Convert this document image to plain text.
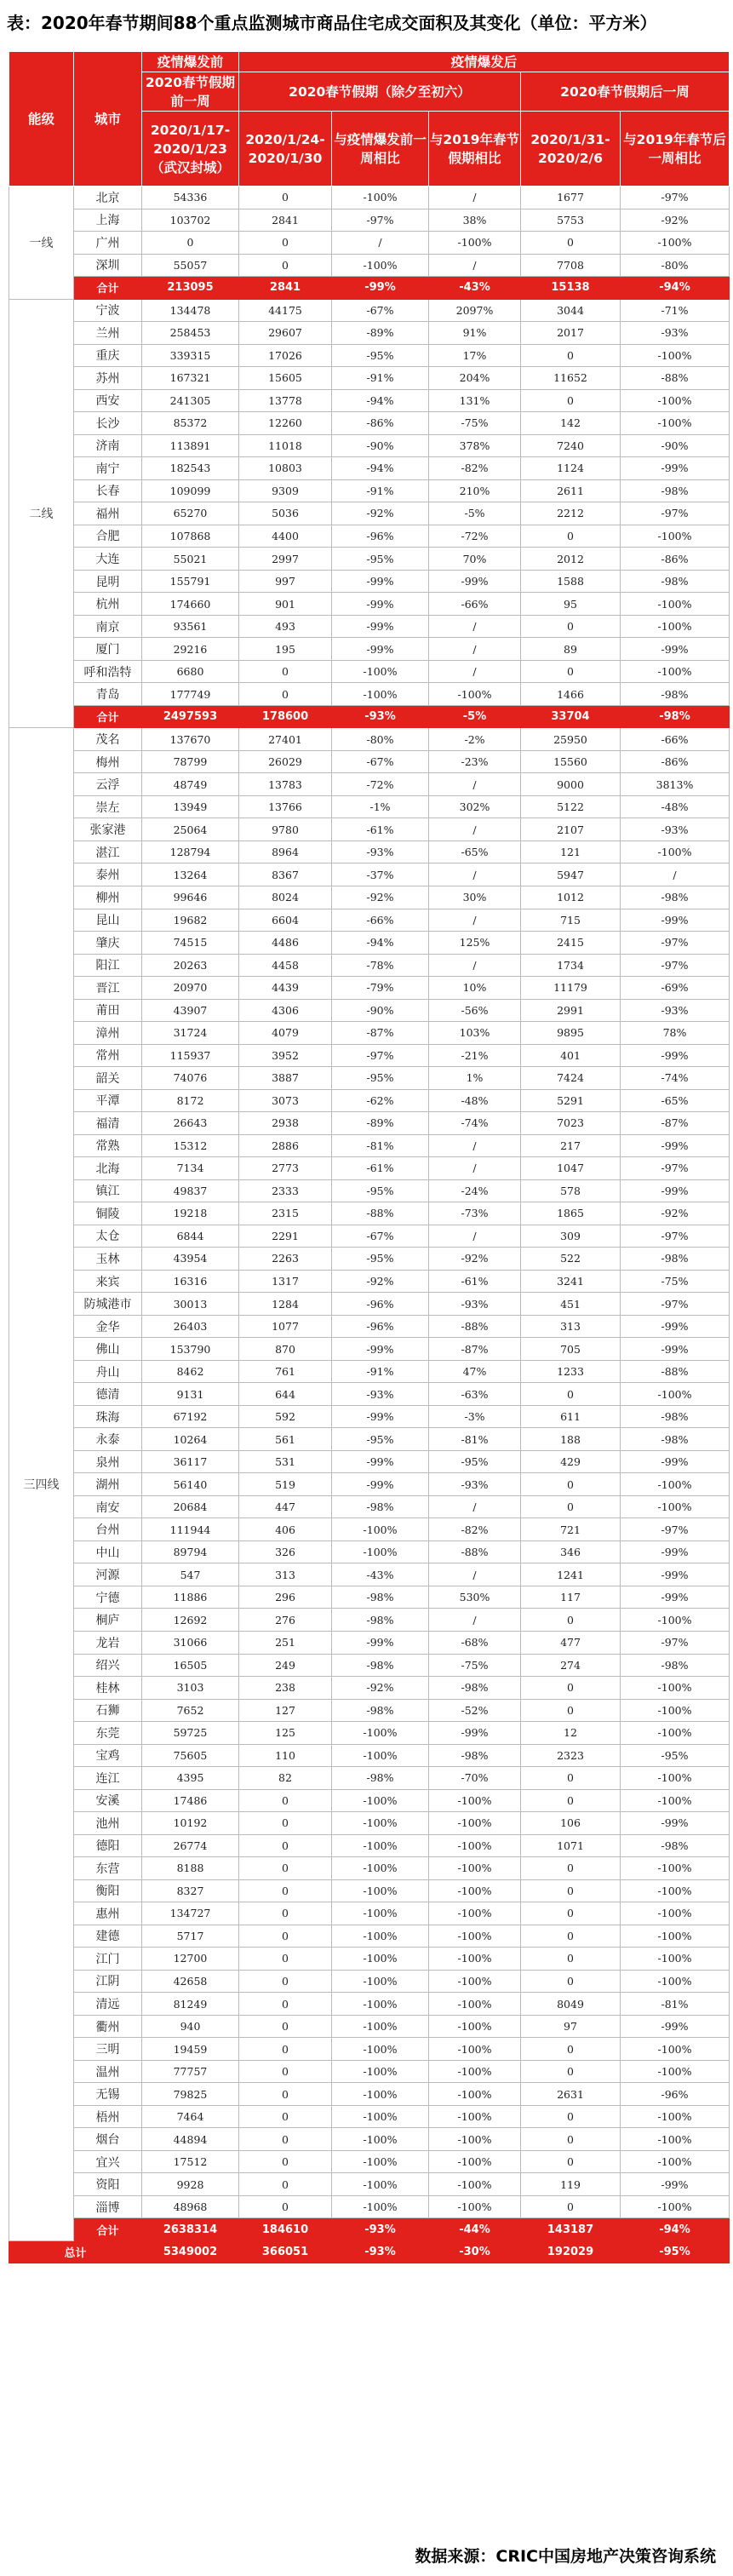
表：2020年春节期间88个重点监测城市商品住宅成交面积及其变化（单位：平方米）
能级	城市	疫情爆发前	疫情爆发后				
		2020春节假期前一周	2020春节假期（除夕至初六）			2020春节假期后一周	
		2020/1/17-2020/1/23（武汉封城）	2020/1/24-2020/1/30	与疫情爆发前一周相比	与2019年春节假期相比	2020/1/31-2020/2/6	与2019年春节后一周相比
一线	北京	54336	0	-100%	/	1677	-97%
	上海	103702	2841	-97%	38%	5753	-92%
	广州	0	0	/	-100%	0	-100%
	深圳	55057	0	-100%	/	7708	-80%
	合计	213095	2841	-99%	-43%	15138	-94%
二线	宁波	134478	44175	-67%	2097%	3044	-71%
	兰州	258453	29607	-89%	91%	2017	-93%
	重庆	339315	17026	-95%	17%	0	-100%
	苏州	167321	15605	-91%	204%	11652	-88%
	西安	241305	13778	-94%	131%	0	-100%
	长沙	85372	12260	-86%	-75%	142	-100%
	济南	113891	11018	-90%	378%	7240	-90%
	南宁	182543	10803	-94%	-82%	1124	-99%
	长春	109099	9309	-91%	210%	2611	-98%
	福州	65270	5036	-92%	-5%	2212	-97%
	合肥	107868	4400	-96%	-72%	0	-100%
	大连	55021	2997	-95%	70%	2012	-86%
	昆明	155791	997	-99%	-99%	1588	-98%
	杭州	174660	901	-99%	-66%	95	-100%
	南京	93561	493	-99%	/	0	-100%
	厦门	29216	195	-99%	/	89	-99%
	呼和浩特	6680	0	-100%	/	0	-100%
	青岛	177749	0	-100%	-100%	1466	-98%
	合计	2497593	178600	-93%	-5%	33704	-98%
三四线	茂名	137670	27401	-80%	-2%	25950	-66%
	梅州	78799	26029	-67%	-23%	15560	-86%
	云浮	48749	13783	-72%	/	9000	3813%
	崇左	13949	13766	-1%	302%	5122	-48%
	张家港	25064	9780	-61%	/	2107	-93%
	湛江	128794	8964	-93%	-65%	121	-100%
	泰州	13264	8367	-37%	/	5947	/
	柳州	99646	8024	-92%	30%	1012	-98%
	昆山	19682	6604	-66%	/	715	-99%
	肇庆	74515	4486	-94%	125%	2415	-97%
	阳江	20263	4458	-78%	/	1734	-97%
	晋江	20970	4439	-79%	10%	11179	-69%
	莆田	43907	4306	-90%	-56%	2991	-93%
	漳州	31724	4079	-87%	103%	9895	78%
	常州	115937	3952	-97%	-21%	401	-99%
	韶关	74076	3887	-95%	1%	7424	-74%
	平潭	8172	3073	-62%	-48%	5291	-65%
	福清	26643	2938	-89%	-74%	7023	-87%
	常熟	15312	2886	-81%	/	217	-99%
	北海	7134	2773	-61%	/	1047	-97%
	镇江	49837	2333	-95%	-24%	578	-99%
	铜陵	19218	2315	-88%	-73%	1865	-92%
	太仓	6844	2291	-67%	/	309	-97%
	玉林	43954	2263	-95%	-92%	522	-98%
	来宾	16316	1317	-92%	-61%	3241	-75%
	防城港市	30013	1284	-96%	-93%	451	-97%
	金华	26403	1077	-96%	-88%	313	-99%
	佛山	153790	870	-99%	-87%	705	-99%
	舟山	8462	761	-91%	47%	1233	-88%
	德清	9131	644	-93%	-63%	0	-100%
	珠海	67192	592	-99%	-3%	611	-98%
	永泰	10264	561	-95%	-81%	188	-98%
	泉州	36117	531	-99%	-95%	429	-99%
	湖州	56140	519	-99%	-93%	0	-100%
	南安	20684	447	-98%	/	0	-100%
	台州	111944	406	-100%	-82%	721	-97%
	中山	89794	326	-100%	-88%	346	-99%
	河源	547	313	-43%	/	1241	-99%
	宁德	11886	296	-98%	530%	117	-99%
	桐庐	12692	276	-98%	/	0	-100%
	龙岩	31066	251	-99%	-68%	477	-97%
	绍兴	16505	249	-98%	-75%	274	-98%
	桂林	3103	238	-92%	-98%	0	-100%
	石狮	7652	127	-98%	-52%	0	-100%
	东莞	59725	125	-100%	-99%	12	-100%
	宝鸡	75605	110	-100%	-98%	2323	-95%
	连江	4395	82	-98%	-70%	0	-100%
	安溪	17486	0	-100%	-100%	0	-100%
	池州	10192	0	-100%	-100%	106	-99%
	德阳	26774	0	-100%	-100%	1071	-98%
	东营	8188	0	-100%	-100%	0	-100%
	衡阳	8327	0	-100%	-100%	0	-100%
	惠州	134727	0	-100%	-100%	0	-100%
	建德	5717	0	-100%	-100%	0	-100%
	江门	12700	0	-100%	-100%	0	-100%
	江阴	42658	0	-100%	-100%	0	-100%
	清远	81249	0	-100%	-100%	8049	-81%
	衢州	940	0	-100%	-100%	97	-99%
	三明	19459	0	-100%	-100%	0	-100%
	温州	77757	0	-100%	-100%	0	-100%
	无锡	79825	0	-100%	-100%	2631	-96%
	梧州	7464	0	-100%	-100%	0	-100%
	烟台	44894	0	-100%	-100%	0	-100%
	宜兴	17512	0	-100%	-100%	0	-100%
	资阳	9928	0	-100%	-100%	119	-99%
	淄博	48968	0	-100%	-100%	0	-100%
	合计	2638314	184610	-93%	-44%	143187	-94%
总计		5349002	366051	-93%	-30%	192029	-95%
数据来源：CRIC中国房地产决策咨询系统
